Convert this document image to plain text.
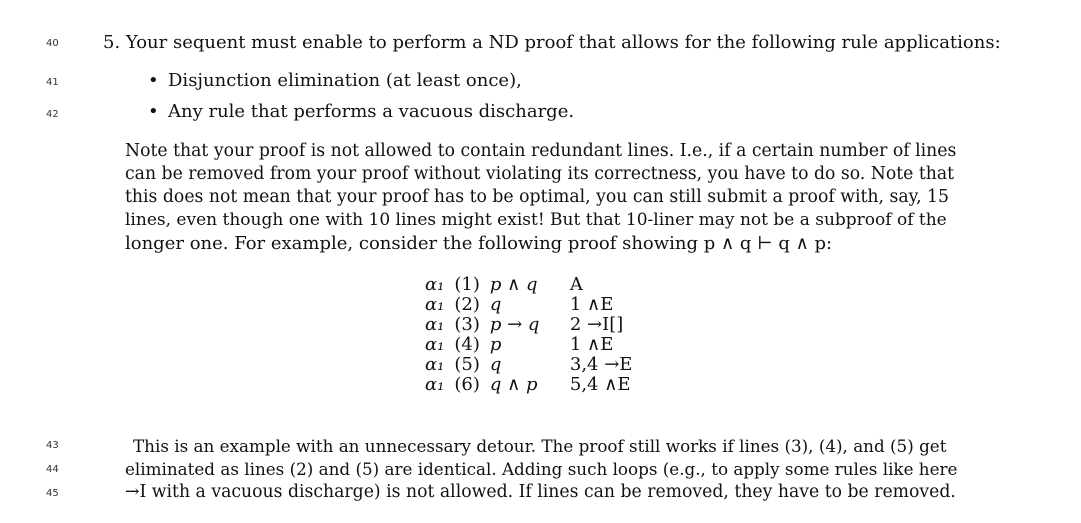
40
41
42
43
44
45
5. Your sequent must enable to perform a ND proof that allows for the following rule applications:
• Disjunction elimination (at least once),
• Any rule that performs a vacuous discharge.
Note that your proof is not allowed to contain redundant lines. I.e., if a certain number of lines
can be removed from your proof without violating its correctness, you have to do so. Note that
this does not mean that your proof has to be optimal, you can still submit a proof with, say, 15
lines, even though one with 10 lines might exist! But that 10-liner may not be a subproof of the
longer one. For example, consider the following proof showing p ∧ q ⊢ q ∧ p:
α₁	(1)	p ∧ q	A
α₁	(2)	q	1 ∧E
α₁	(3)	p → q	2 →I[]
α₁	(4)	p	1 ∧E
α₁	(5)	q	3,4 →E
α₁	(6)	q ∧ p	5,4 ∧E
This is an example with an unnecessary detour. The proof still works if lines (3), (4), and (5) get
eliminated as lines (2) and (5) are identical. Adding such loops (e.g., to apply some rules like here
→I with a vacuous discharge) is not allowed. If lines can be removed, they have to be removed.
